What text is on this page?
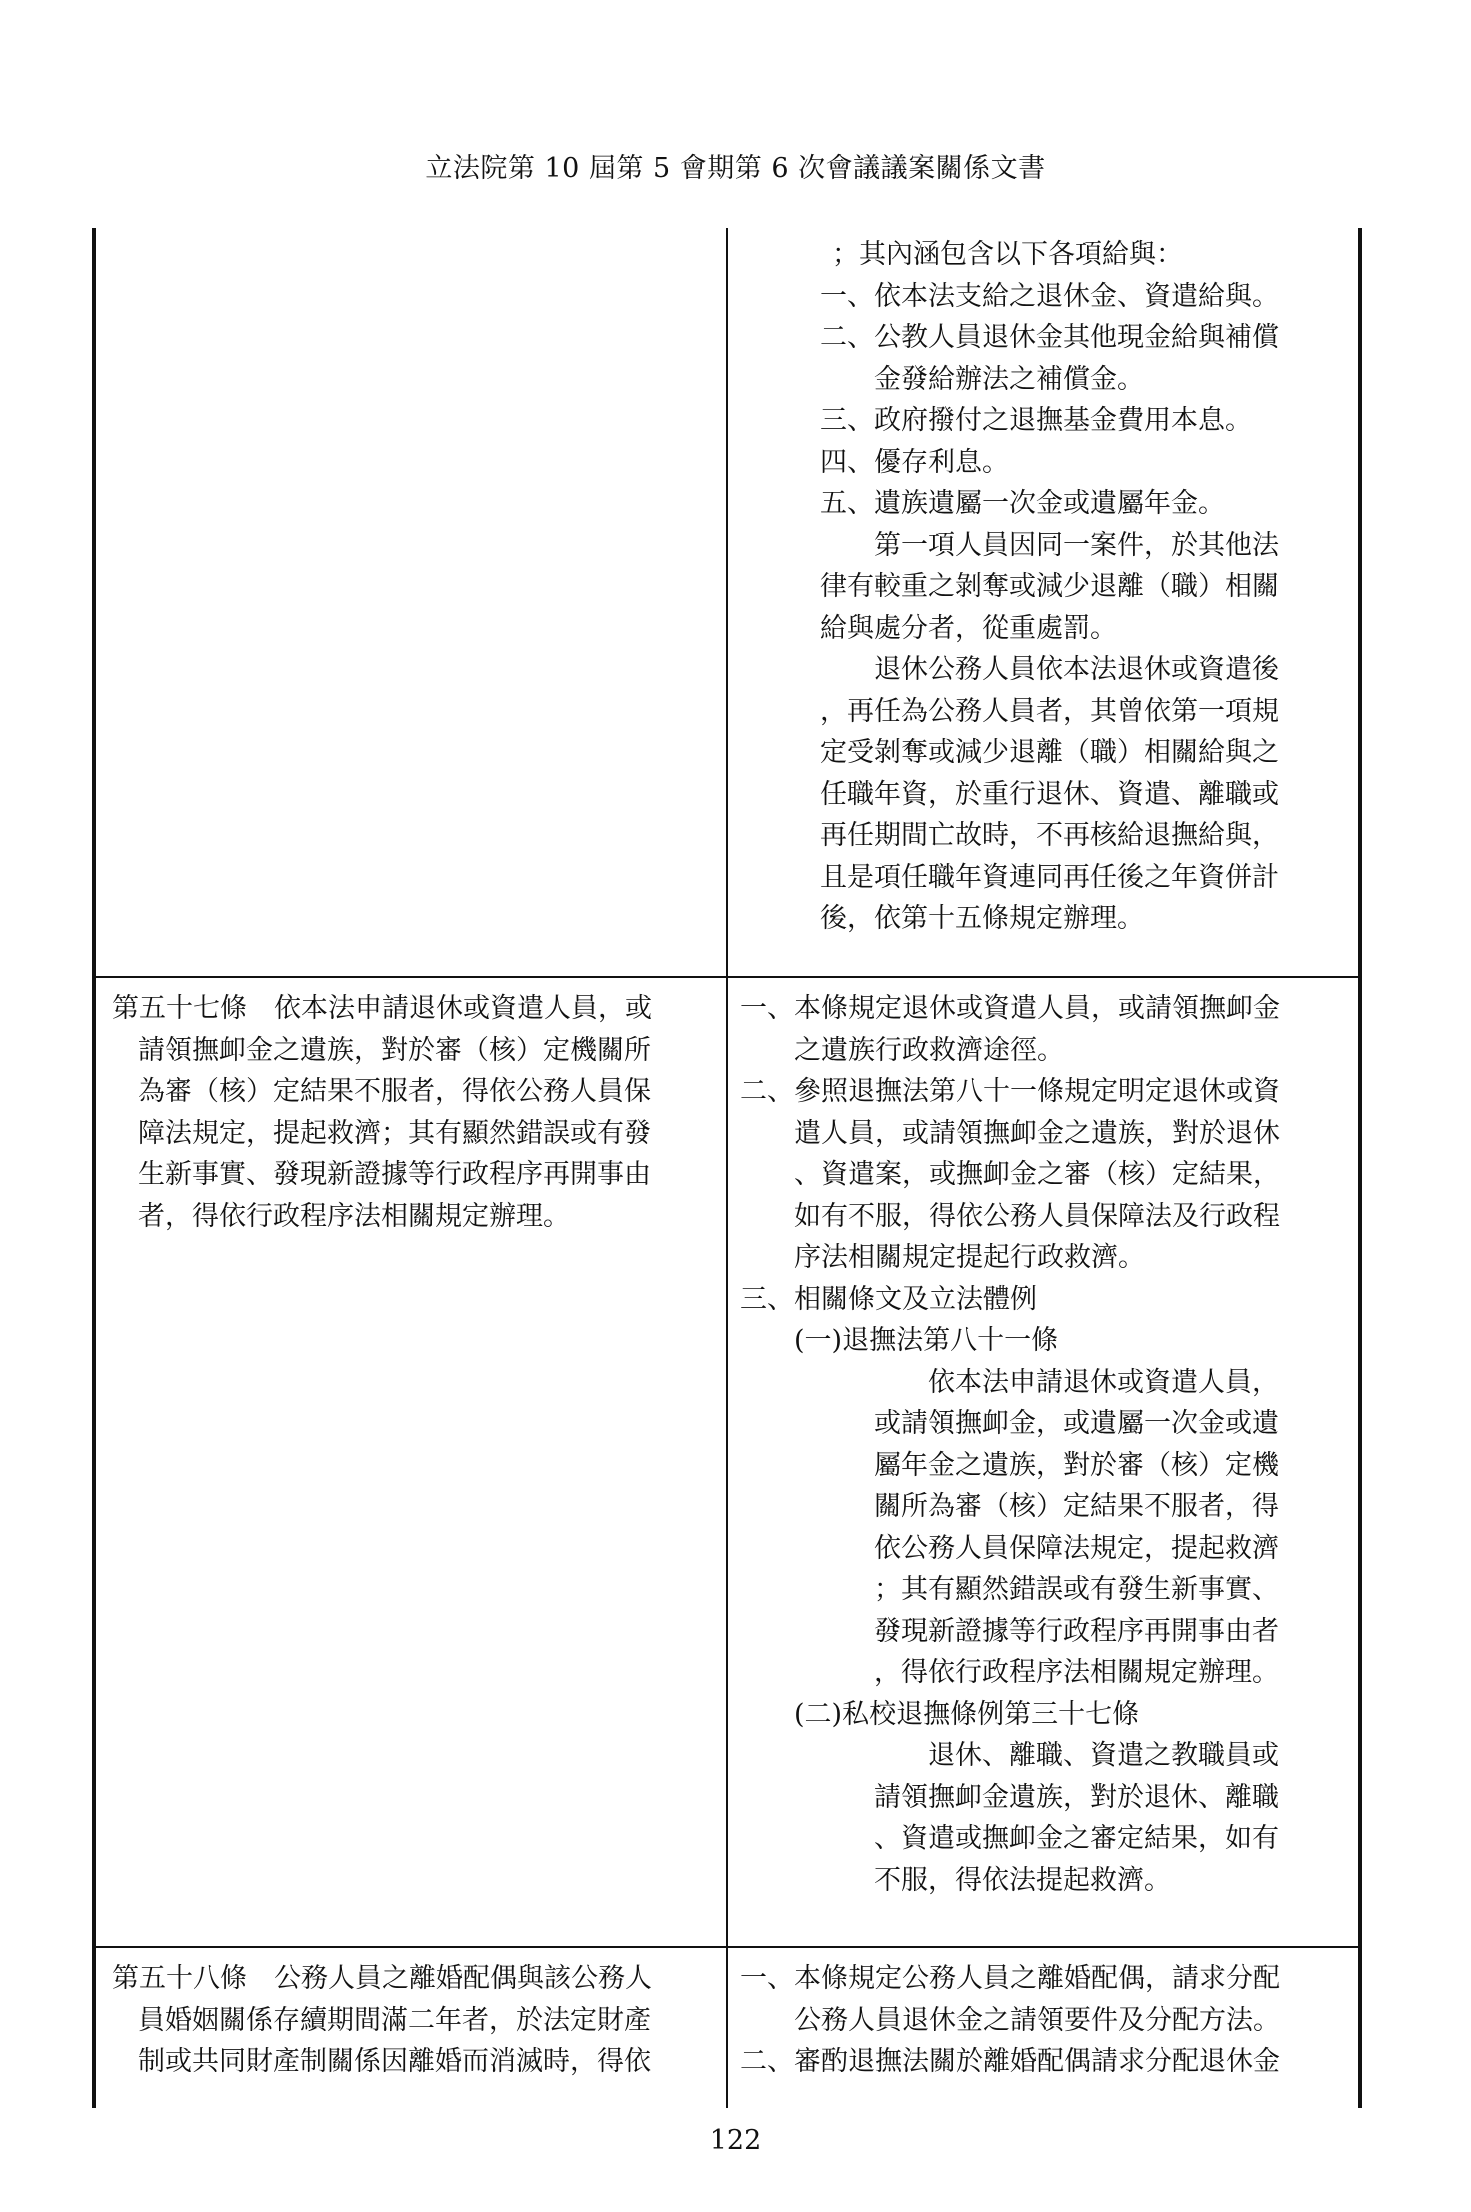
立法院第 10 屆第 5 會期第 6 次會議議案關係文書
；其內涵包含以下各項給與：
一、依本法支給之退休金、資遣給與。
二、公教人員退休金其他現金給與補償
金發給辦法之補償金。
三、政府撥付之退撫基金費用本息。
四、優存利息。
五、遺族遺屬一次金或遺屬年金。
第一項人員因同一案件，於其他法
律有較重之剝奪或減少退離（職）相關
給與處分者，從重處罰。
退休公務人員依本法退休或資遣後
，再任為公務人員者，其曾依第一項規
定受剝奪或減少退離（職）相關給與之
任職年資，於重行退休、資遣、離職或
再任期間亡故時，不再核給退撫給與，
且是項任職年資連同再任後之年資併計
後，依第十五條規定辦理。
第五十七條　依本法申請退休或資遣人員，或
請領撫卹金之遺族，對於審（核）定機關所
為審（核）定結果不服者，得依公務人員保
障法規定，提起救濟；其有顯然錯誤或有發
生新事實、發現新證據等行政程序再開事由
者，得依行政程序法相關規定辦理。
一、本條規定退休或資遣人員，或請領撫卹金
之遺族行政救濟途徑。
二、參照退撫法第八十一條規定明定退休或資
遣人員，或請領撫卹金之遺族，對於退休
、資遣案，或撫卹金之審（核）定結果，
如有不服，得依公務人員保障法及行政程
序法相關規定提起行政救濟。
三、相關條文及立法體例
(一)退撫法第八十一條
依本法申請退休或資遣人員，
或請領撫卹金，或遺屬一次金或遺
屬年金之遺族，對於審（核）定機
關所為審（核）定結果不服者，得
依公務人員保障法規定，提起救濟
；其有顯然錯誤或有發生新事實、
發現新證據等行政程序再開事由者
，得依行政程序法相關規定辦理。
(二)私校退撫條例第三十七條
退休、離職、資遣之教職員或
請領撫卹金遺族，對於退休、離職
、資遣或撫卹金之審定結果，如有
不服，得依法提起救濟。
第五十八條　公務人員之離婚配偶與該公務人
員婚姻關係存續期間滿二年者，於法定財產
制或共同財產制關係因離婚而消滅時，得依
一、本條規定公務人員之離婚配偶，請求分配
公務人員退休金之請領要件及分配方法。
二、審酌退撫法關於離婚配偶請求分配退休金
122
